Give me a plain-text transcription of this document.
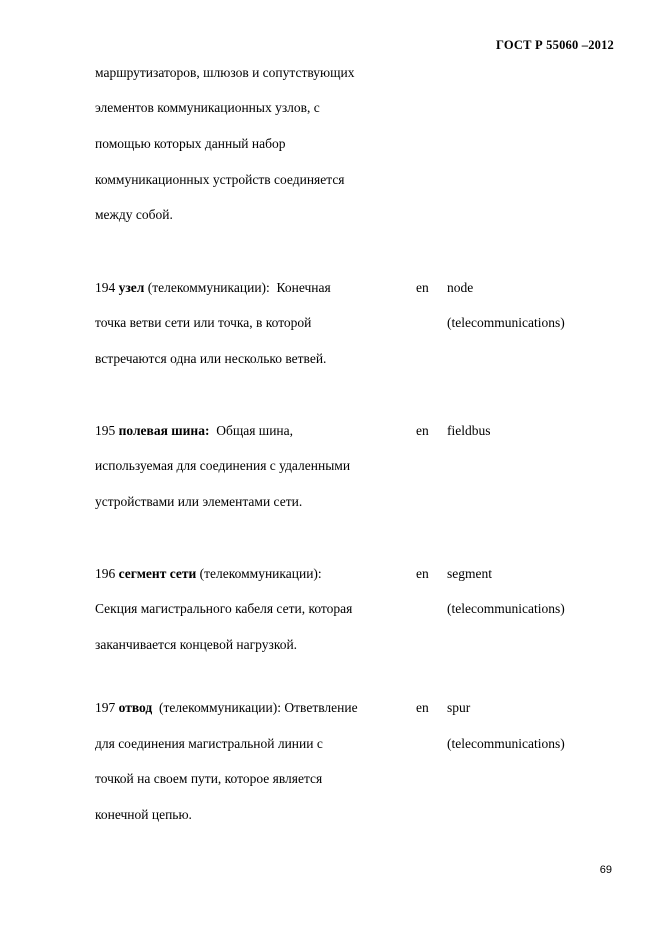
ГОСТ Р 55060 –2012
маршрутизаторов, шлюзов и сопутствующих
элементов коммуникационных узлов, с
помощью которых данный набор
коммуникационных устройств соединяется
между собой.
194 узел (телекоммуникации):  Конечная
точка ветви сети или точка, в которой
встречаются одна или несколько ветвей.
en node
(telecommunications)
195 полевая шина:  Общая шина,
используемая для соединения с удаленными
устройствами или элементами сети.
en fieldbus
196 сегмент сети (телекоммуникации):
Секция магистрального кабеля сети, которая
заканчивается концевой нагрузкой.
en segment
(telecommunications)
197 отвод  (телекоммуникации): Ответвление
для соединения магистральной линии с
точкой на своем пути, которое является
конечной цепью.
en spur
(telecommunications)
69
